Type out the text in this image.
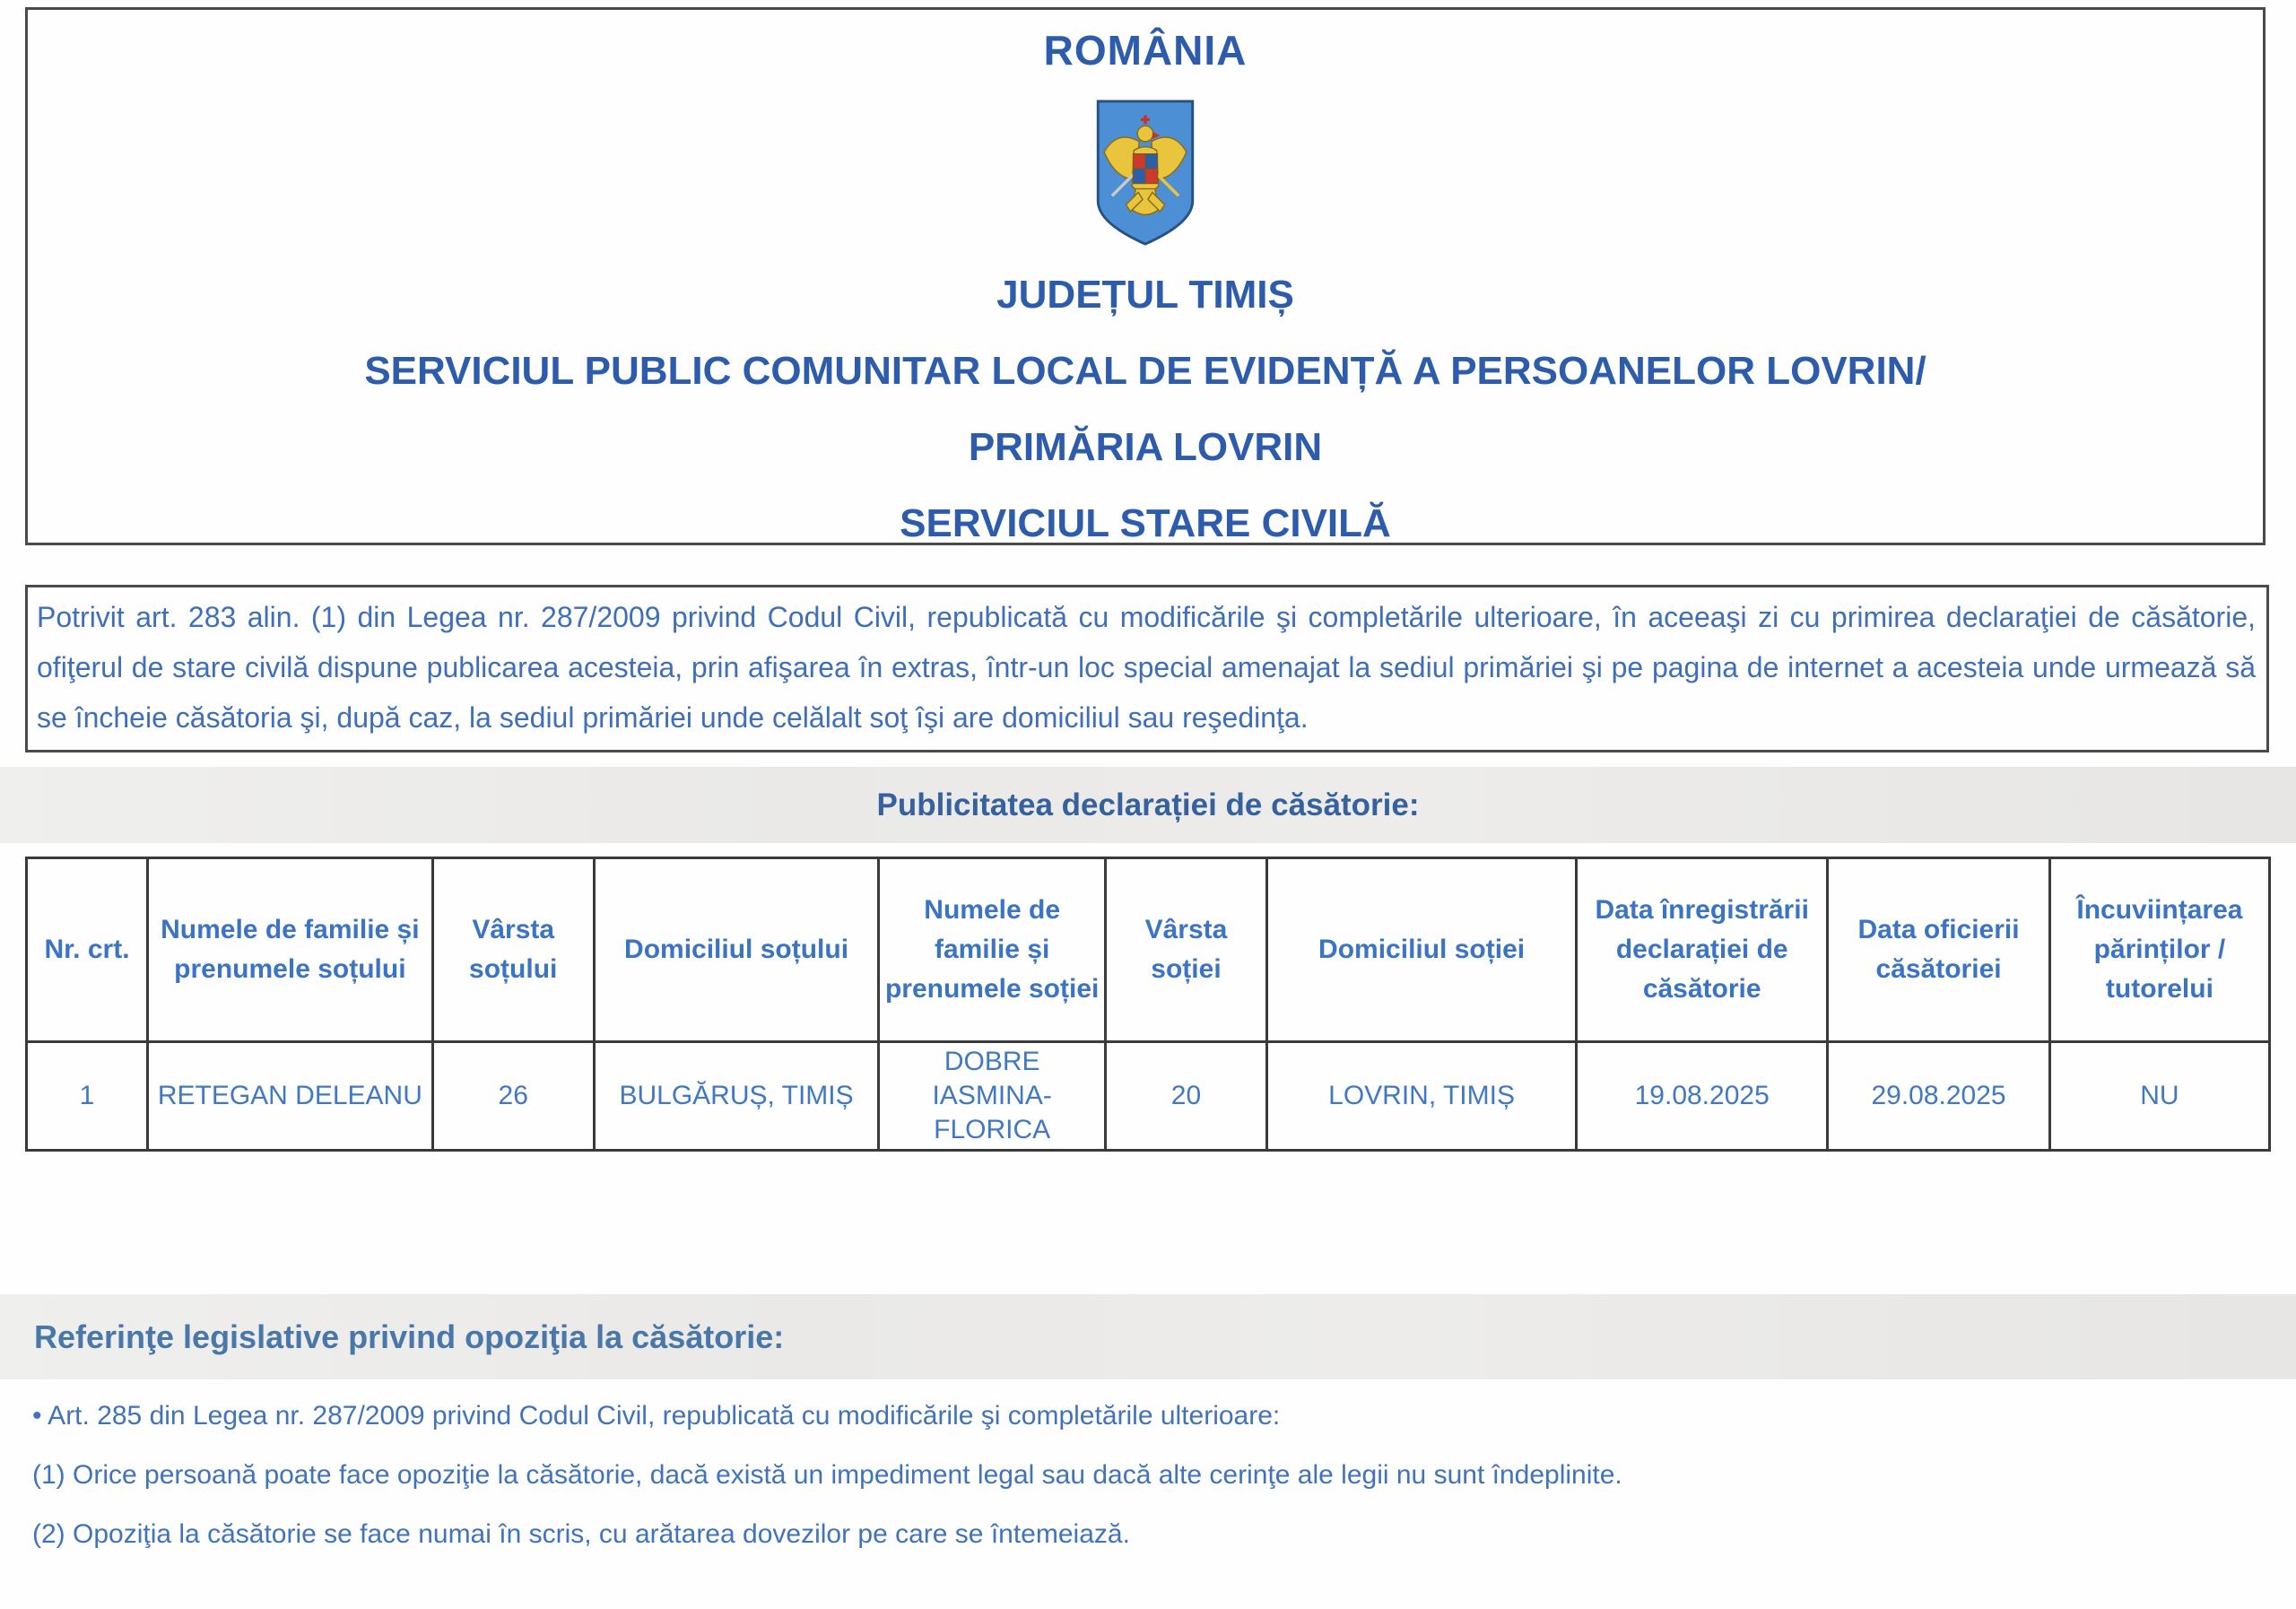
ROMÂNIA
JUDEȚUL TIMIȘ
SERVICIUL PUBLIC COMUNITAR LOCAL DE EVIDENȚĂ A PERSOANELOR LOVRIN/
PRIMĂRIA LOVRIN
SERVICIUL STARE CIVILĂ
Potrivit art. 283 alin. (1) din Legea nr. 287/2009 privind Codul Civil, republicată cu modificările şi completările ulterioare, în aceeaşi zi cu primirea declaraţiei de căsătorie, ofiţerul de stare civilă dispune publicarea acesteia, prin afişarea în extras, într-un loc special amenajat la sediul primăriei şi pe pagina de internet a acesteia unde urmează să se încheie căsătoria şi, după caz, la sediul primăriei unde celălalt soţ îşi are domiciliul sau reşedinţa.
Publicitatea declarației de căsătorie:
Nr. crt.	Numele de familie și prenumele soțului	Vârsta soțului	Domiciliul soțului	Numele de familie și prenumele soției	Vârsta soției	Domiciliul soției	Data înregistrării declarației de căsătorie	Data oficierii căsătoriei	Încuviințarea părinților / tutorelui
1	RETEGAN DELEANU	26	BULGĂRUȘ, TIMIȘ	DOBRE IASMINA-FLORICA	20	LOVRIN, TIMIȘ	19.08.2025	29.08.2025	NU
Referinţe legislative privind opoziţia la căsătorie:
• Art. 285 din Legea nr. 287/2009 privind Codul Civil, republicată cu modificările şi completările ulterioare:
(1) Orice persoană poate face opoziţie la căsătorie, dacă există un impediment legal sau dacă alte cerinţe ale legii nu sunt îndeplinite.
(2) Opoziţia la căsătorie se face numai în scris, cu arătarea dovezilor pe care se întemeiază.
